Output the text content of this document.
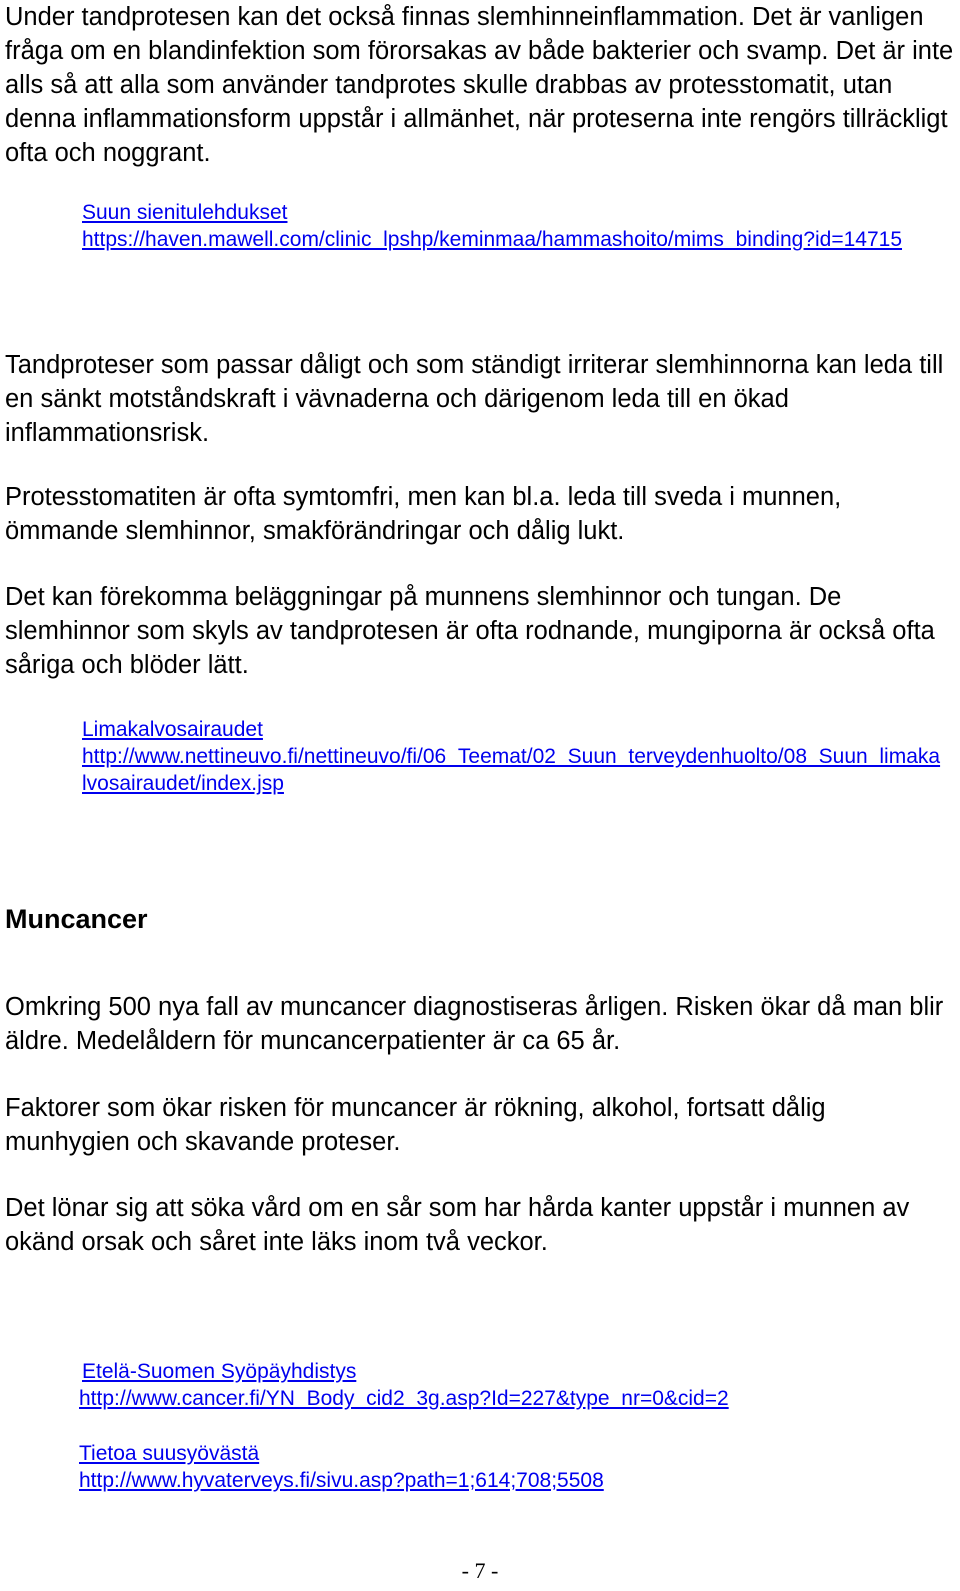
Under tandprotesen kan det också finnas slemhinneinflammation. Det är vanligen fråga om en blandinfektion som förorsakas av både bakterier och svamp. Det är inte alls så att alla som använder tandprotes skulle drabbas av protesstomatit, utan denna inflammationsform uppstår i allmänhet, när proteserna inte rengörs tillräckligt ofta och noggrant.

Suun sienitulehdukset
https://haven.mawell.com/clinic_lpshp/keminmaa/hammashoito/mims_binding?id=14715

Tandproteser som passar dåligt och som ständigt irriterar slemhinnorna kan leda till en sänkt motståndskraft i vävnaderna och därigenom leda till en ökad inflammationsrisk.

Protesstomatiten är ofta symtomfri, men kan bl.a. leda till sveda i munnen, ömmande slemhinnor, smakförändringar och dålig lukt.

Det kan förekomma beläggningar på munnens slemhinnor och tungan. De slemhinnor som skyls av tandprotesen är ofta rodnande, mungiporna är också ofta såriga och blöder lätt.

Limakalvosairaudet
http://www.nettineuvo.fi/nettineuvo/fi/06_Teemat/02_Suun_terveydenhuolto/08_Suun_limakalvosairaudet/index.jsp
Muncancer

Omkring 500 nya fall av muncancer diagnostiseras årligen. Risken ökar då man blir äldre. Medelåldern för muncancerpatienter är ca 65 år.

Faktorer som ökar risken för muncancer är rökning, alkohol, fortsatt dålig munhygien och skavande proteser.

Det lönar sig att söka vård om en sår som har hårda kanter uppstår i munnen av okänd orsak och såret inte läks inom två veckor.

Etelä-Suomen Syöpäyhdistys
http://www.cancer.fi/YN_Body_cid2_3g.asp?Id=227&type_nr=0&cid=2
Tietoa suusyövästä
http://www.hyvaterveys.fi/sivu.asp?path=1;614;708;5508
- 7 -
